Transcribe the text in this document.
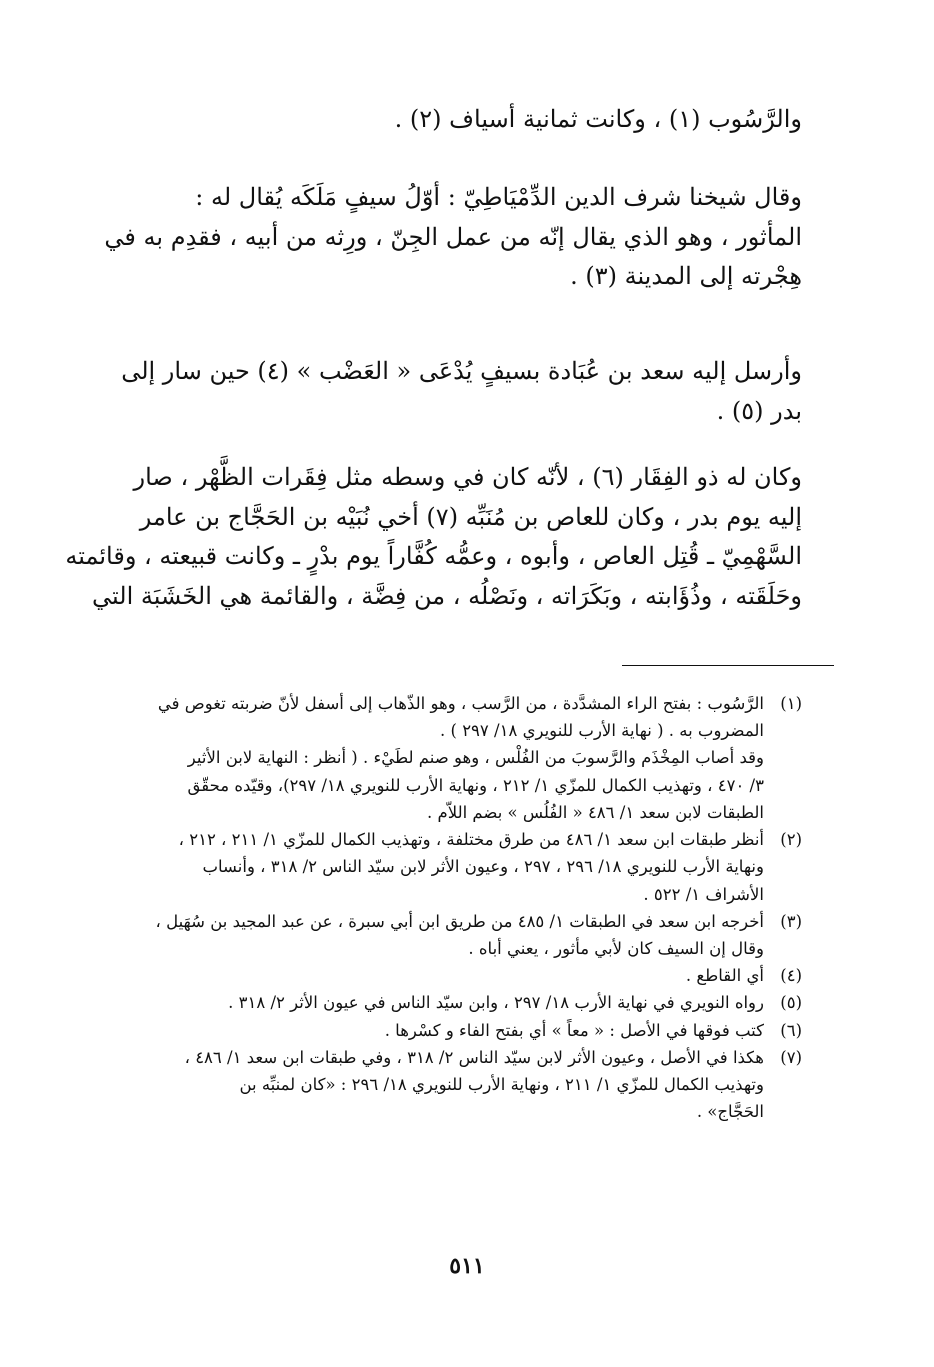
والرَّسُوب (١) ، وكانت ثمانية أسياف (٢) .
وقال شيخنا شرف الدين الدِّمْيَاطِيّ : أوّلُ سيفٍ مَلَكَه يُقال له :
المأثور ، وهو الذي يقال إنّه من عمل الجِنّ ، ورِثه من أبيه ، فقدِم به في
هِجْرته إلى المدينة (٣) .
وأرسل إليه سعد بن عُبَادة بسيفٍ يُدْعَى « العَضْب » (٤) حين سار إلى
بدر (٥) .
وكان له ذو الفِقَار (٦) ، لأنّه كان في وسطه مثل فِقَرات الظَّهْر ، صار
إليه يوم بدر ، وكان للعاص بن مُنَبِّه (٧) أخي نُبَيْه بن الحَجَّاج بن عامر
السَّهْمِيّ ـ قُتِل العاص ، وأبوه ، وعمُّه كُفَّاراً يوم بدْرٍ ـ وكانت قبيعته ، وقائمته
وحَلَقَته ، وذُؤَابته ، وبَكَرَاته ، ونَصْلُه ، من فِضَّة ، والقائمة هي الخَشَبَة التي
(١)
الرَّسُوب : بفتح الراء المشدَّدة ، من الرَّسب ، وهو الذّهاب إلى أسفل لأنّ ضربته تغوص في
المضروب به . ( نهاية الأرب للنويري ١٨/ ٢٩٧ ) .
وقد أصاب المِخْذَم والرَّسوبَ من الفُلْس ، وهو صنم لطَيْء . ( أنظر : النهاية لابن الأثير
٣/ ٤٧٠ ، وتهذيب الكمال للمزّي ١/ ٢١٢ ، ونهاية الأرب للنويري ١٨/ ٢٩٧)، وقيّده محقّق
الطبقات لابن سعد ١/ ٤٨٦ « الفُلُس » بضم اللاّم .
(٢)
أنظر طبقات ابن سعد ١/ ٤٨٦ من طرق مختلفة ، وتهذيب الكمال للمزّي ١/ ٢١١ ، ٢١٢ ،
ونهاية الأرب للنويري ١٨/ ٢٩٦ ، ٢٩٧ ، وعيون الأثر لابن سيّد الناس ٢/ ٣١٨ ، وأنساب
الأشراف ١/ ٥٢٢ .
(٣)
أخرجه ابن سعد في الطبقات ١/ ٤٨٥ من طريق ابن أبي سبرة ، عن عبد المجيد بن سُهَيل ،
وقال إن السيف كان لأبي مأثور ، يعني أباه .
(٤)
أي القاطع .
(٥)
رواه النويري في نهاية الأرب ١٨/ ٢٩٧ ، وابن سيّد الناس في عيون الأثر ٢/ ٣١٨ .
(٦)
كتب فوقها في الأصل : « معاً » أي بفتح الفاء و كسْرها .
(٧)
هكذا في الأصل ، وعيون الأثر لابن سيّد الناس ٢/ ٣١٨ ، وفي طبقات ابن سعد ١/ ٤٨٦ ،
وتهذيب الكمال للمزّي ١/ ٢١١ ، ونهاية الأرب للنويري ١٨/ ٢٩٦ : «كان لمنبِّه بن
الحَجَّاج» .
٥١١
